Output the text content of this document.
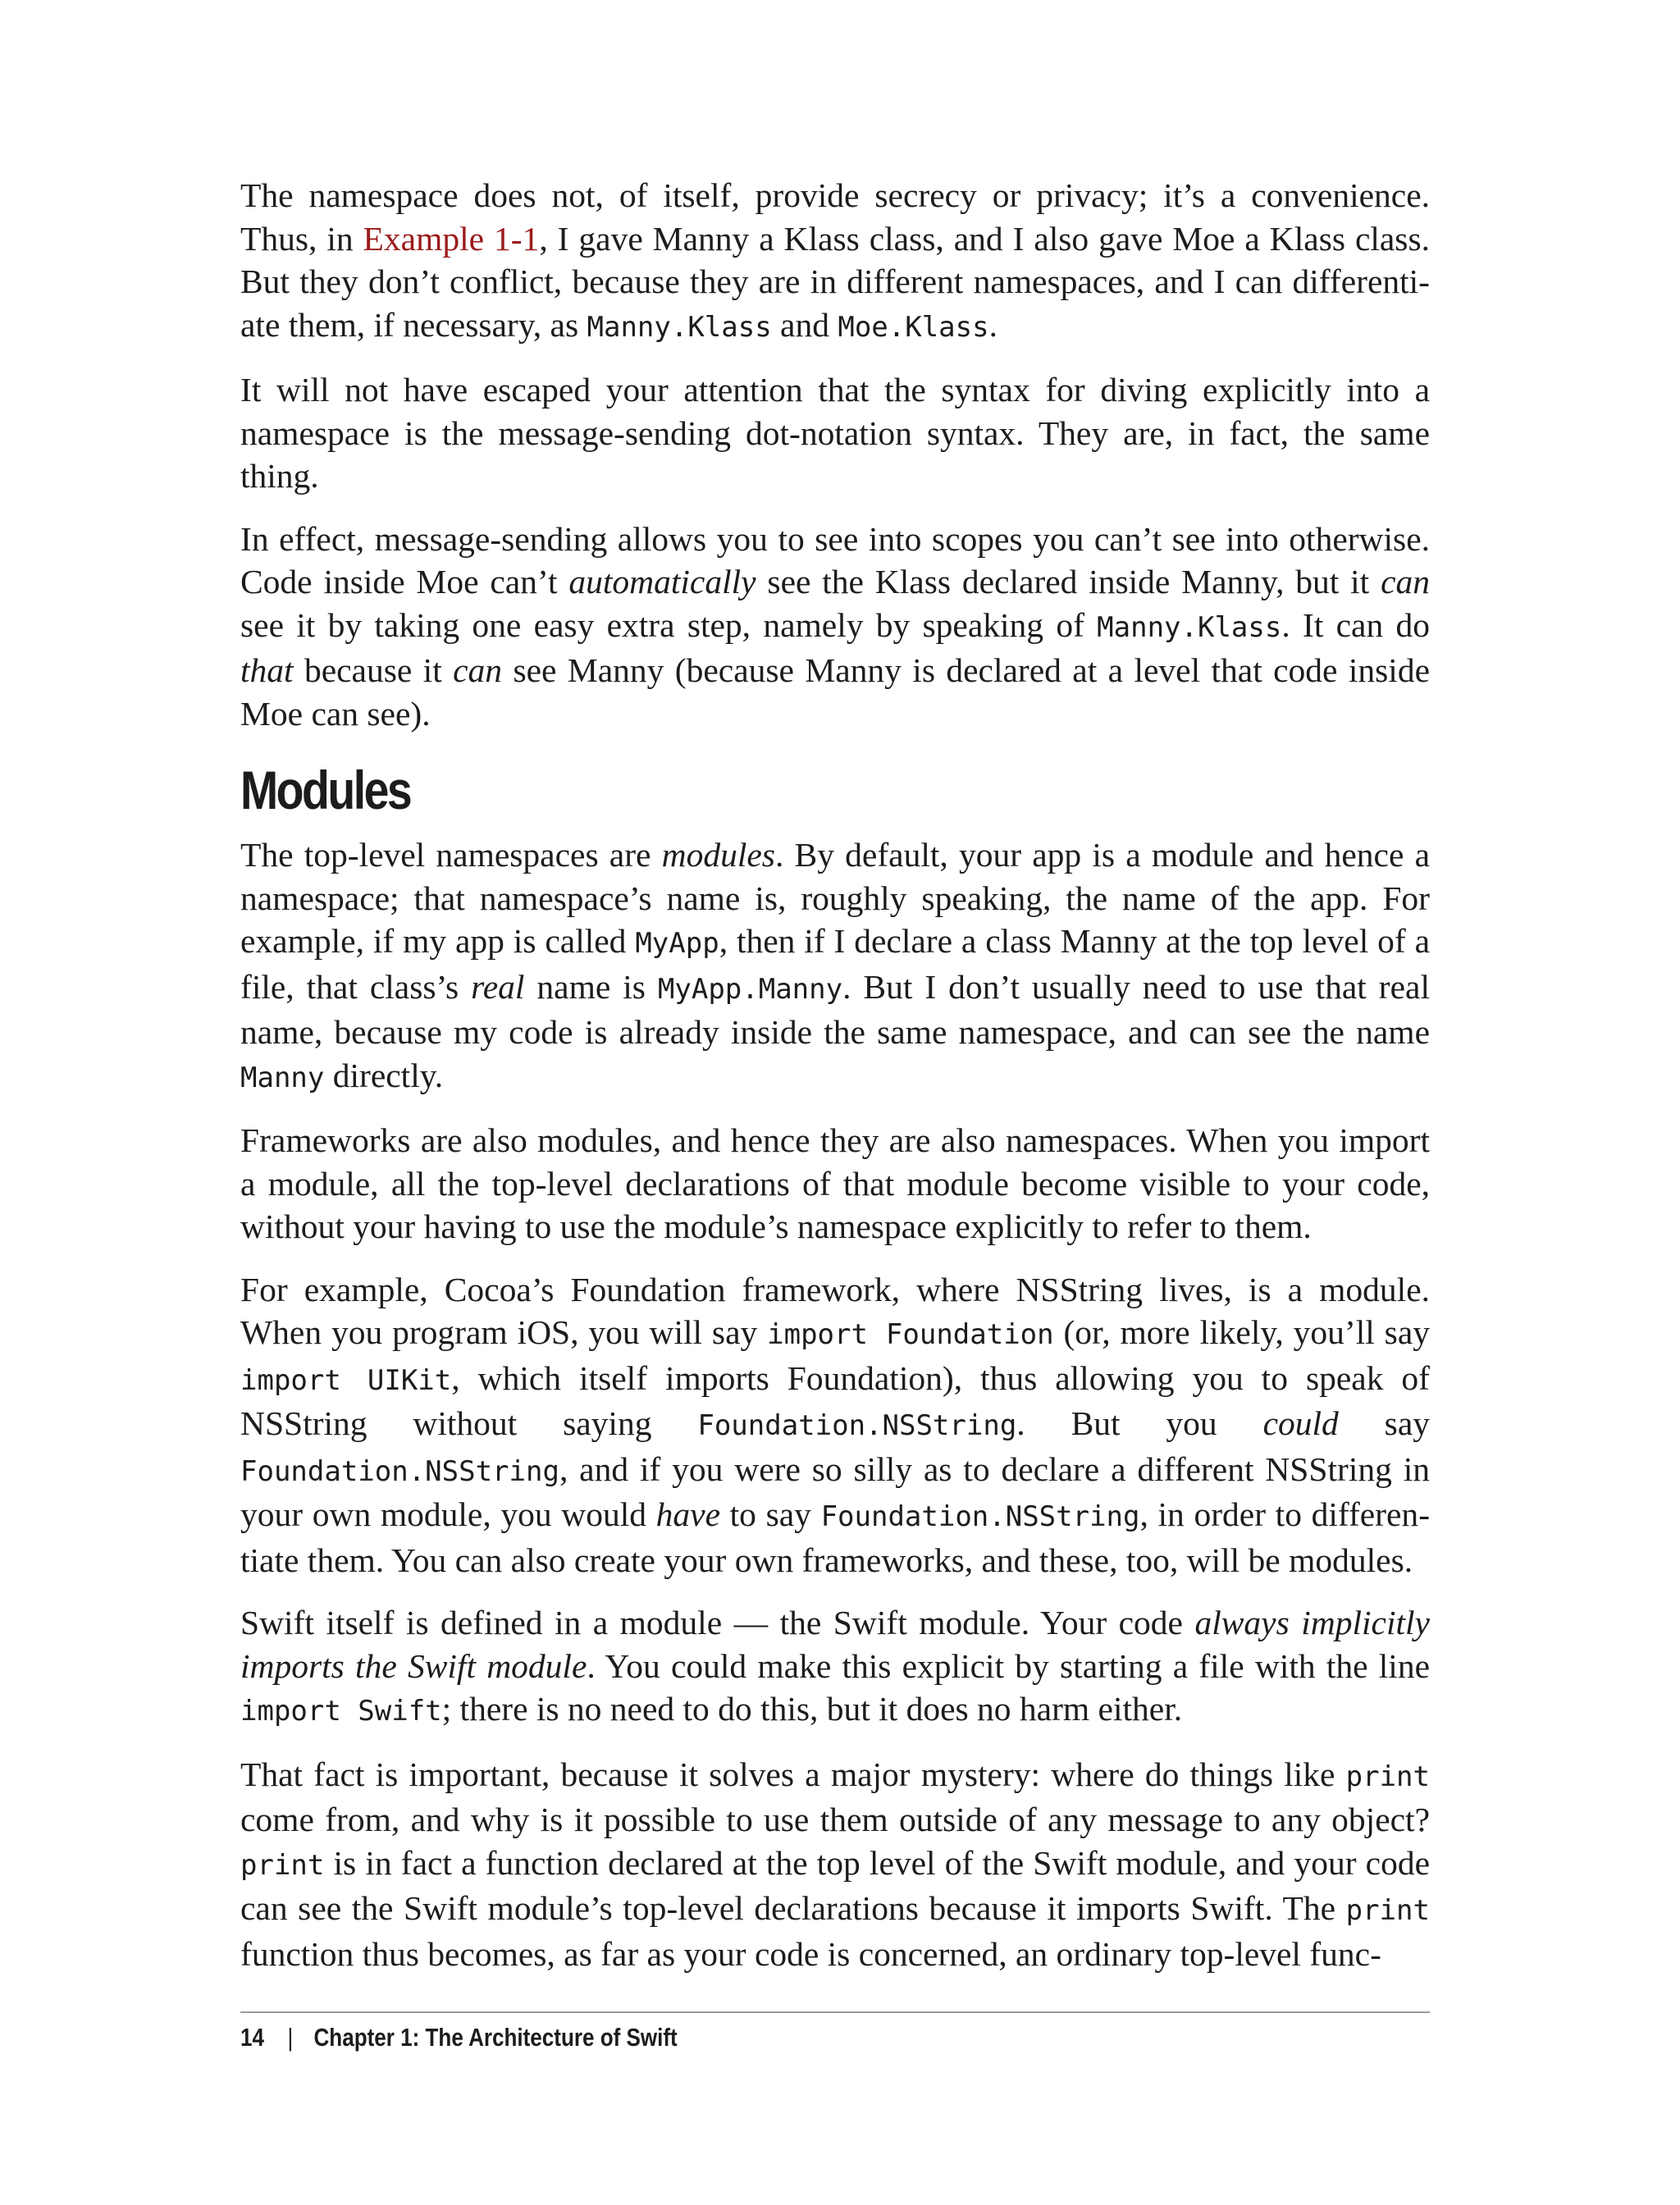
The namespace does not, of itself, provide secrecy or privacy; it’s a convenience. Thus, in Example 1-1, I gave Manny a Klass class, and I also gave Moe a Klass class. But they don’t conflict, because they are in different namespaces, and I can differentiate them, if necessary, as Manny.Klass and Moe.Klass.

It will not have escaped your attention that the syntax for diving explicitly into a namespace is the message-sending dot-notation syntax. They are, in fact, the same thing.

In effect, message-sending allows you to see into scopes you can’t see into otherwise. Code inside Moe can’t automatically see the Klass declared inside Manny, but it can see it by taking one easy extra step, namely by speaking of Manny.Klass. It can do that because it can see Manny (because Manny is declared at a level that code inside Moe can see).

Modules

The top-level namespaces are modules. By default, your app is a module and hence a namespace; that namespace’s name is, roughly speaking, the name of the app. For example, if my app is called MyApp, then if I declare a class Manny at the top level of a file, that class’s real name is MyApp.Manny. But I don’t usually need to use that real name, because my code is already inside the same namespace, and can see the name Manny directly.

Frameworks are also modules, and hence they are also namespaces. When you import a module, all the top-level declarations of that module become visible to your code, without your having to use the module’s namespace explicitly to refer to them.

For example, Cocoa’s Foundation framework, where NSString lives, is a module. When you program iOS, you will say import Foundation (or, more likely, you’ll say import UIKit, which itself imports Foundation), thus allowing you to speak of NSString without saying Foundation.NSString. But you could say Foundation.NSString, and if you were so silly as to declare a different NSString in your own module, you would have to say Foundation.NSString, in order to differentiate them. You can also create your own frameworks, and these, too, will be modules.

Swift itself is defined in a module — the Swift module. Your code always implicitly imports the Swift module. You could make this explicit by starting a file with the line import Swift; there is no need to do this, but it does no harm either.

That fact is important, because it solves a major mystery: where do things like print come from, and why is it possible to use them outside of any message to any object? print is in fact a function declared at the top level of the Swift module, and your code can see the Swift module’s top-level declarations because it imports Swift. The print function thus becomes, as far as your code is concerned, an ordinary top-level func-

14 | Chapter 1: The Architecture of Swift
